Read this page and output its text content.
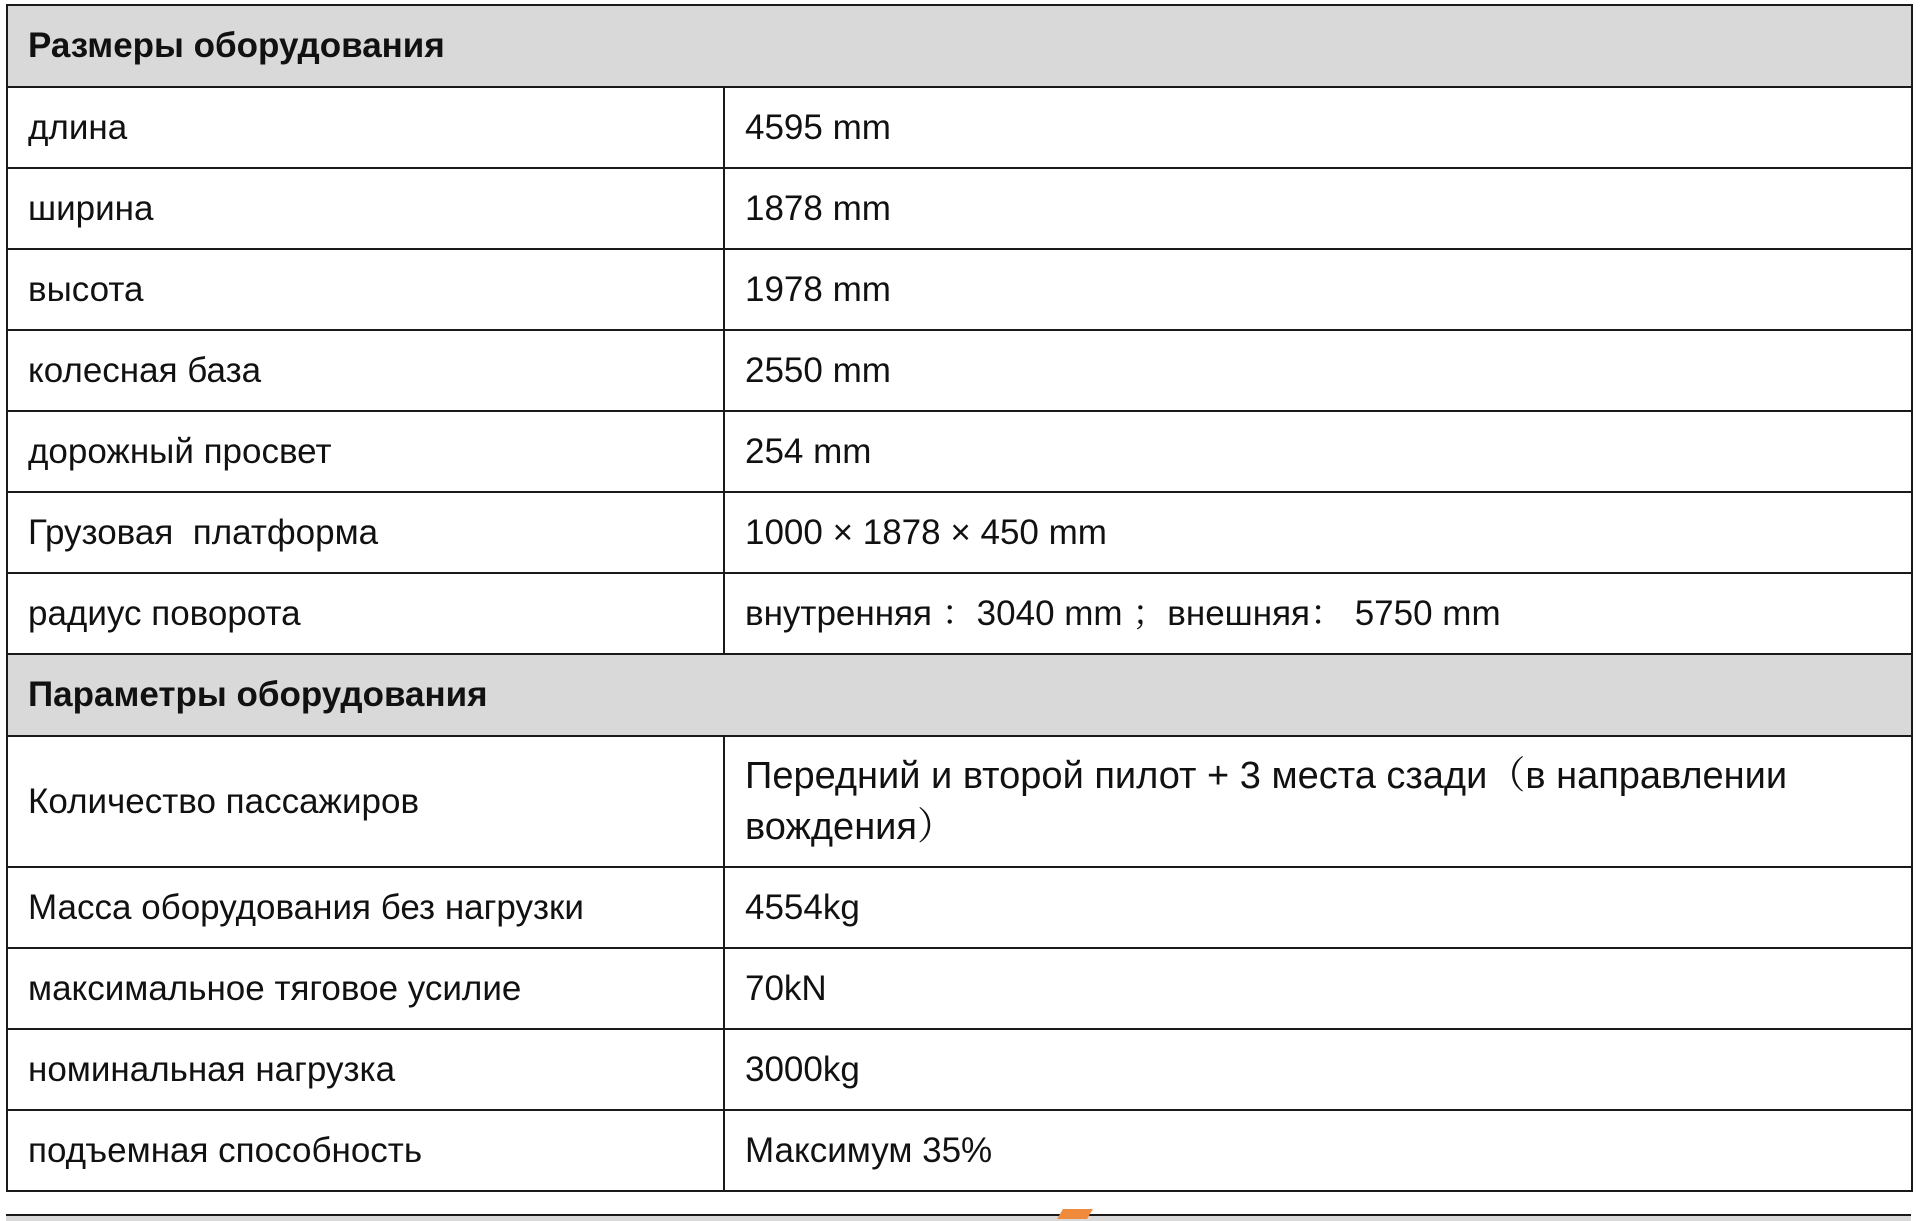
Размеры оборудования	
длина	4595 mm
ширина	1878 mm
высота	1978 mm
колесная база	2550 mm
дорожный просвет	254 mm
Грузовая  платформа	1000 × 1878 × 450 mm
радиус поворота	внутренняя ：3040 mm ；внешняя： 5750 mm
Параметры оборудования	
Количество пассажиров	Передний и второй пилот + 3 места сзади（в направлении вождения）
Масса оборудования без нагрузки	4554kg
максимальное тяговое усилие	70kN
номинальная нагрузка	3000kg
подъемная способность	Максимум 35%
